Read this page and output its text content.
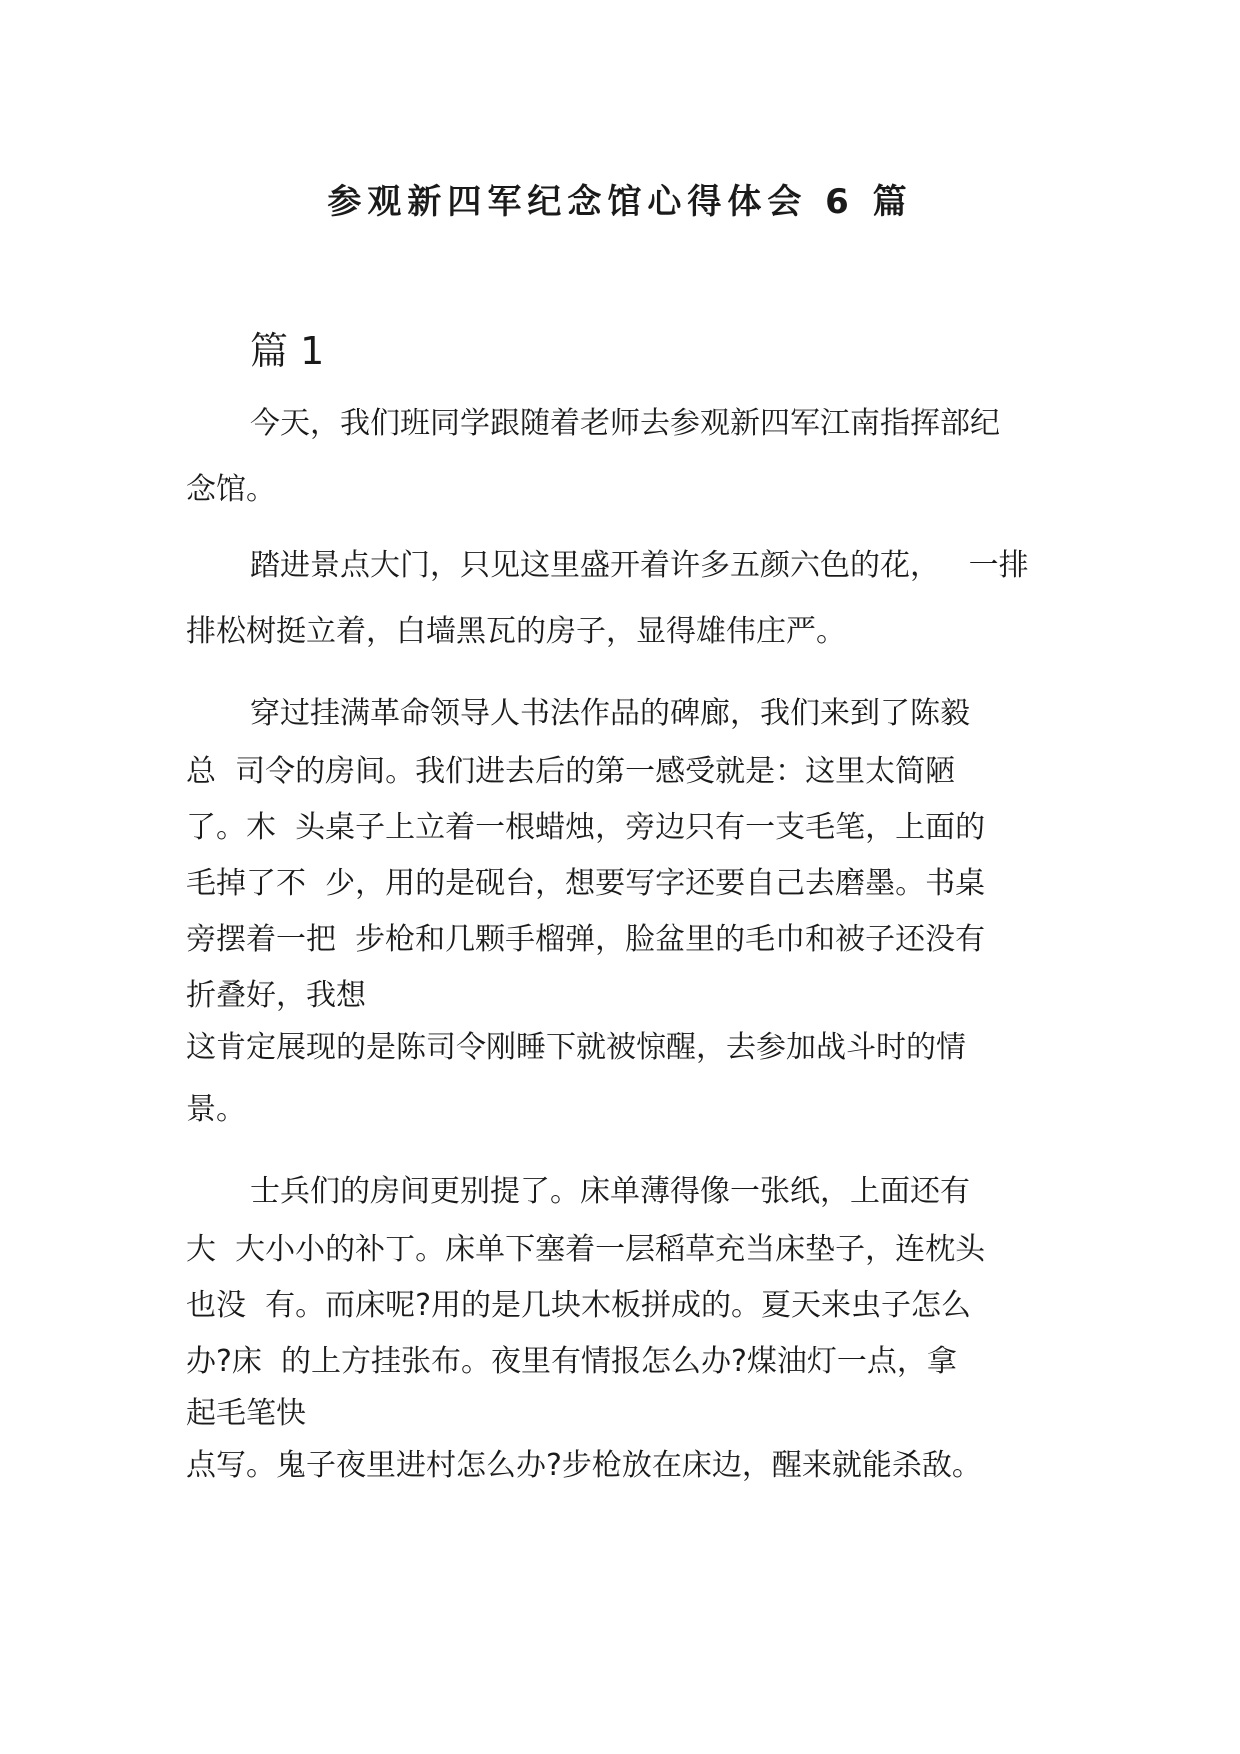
参观新四军纪念馆心得体会 6 篇
篇 1
今天，我们班同学跟随着老师去参观新四军江南指挥部纪
念馆。
踏进景点大门，只见这里盛开着许多五颜六色的花，   一排
排松树挺立着，白墙黑瓦的房子，显得雄伟庄严。
穿过挂满革命领导人书法作品的碑廊，我们来到了陈毅
总  司令的房间。我们进去后的第一感受就是：这里太简陋
了。木  头桌子上立着一根蜡烛，旁边只有一支毛笔，上面的
毛掉了不  少，用的是砚台，想要写字还要自己去磨墨。书桌
旁摆着一把  步枪和几颗手榴弹，脸盆里的毛巾和被子还没有
折叠好，我想
这肯定展现的是陈司令刚睡下就被惊醒，去参加战斗时的情
景。
士兵们的房间更别提了。床单薄得像一张纸，上面还有
大  大小小的补丁。床单下塞着一层稻草充当床垫子，连枕头
也没  有。而床呢?用的是几块木板拼成的。夏天来虫子怎么
办?床  的上方挂张布。夜里有情报怎么办?煤油灯一点，拿
起毛笔快
点写。鬼子夜里进村怎么办?步枪放在床边，醒来就能杀敌。
